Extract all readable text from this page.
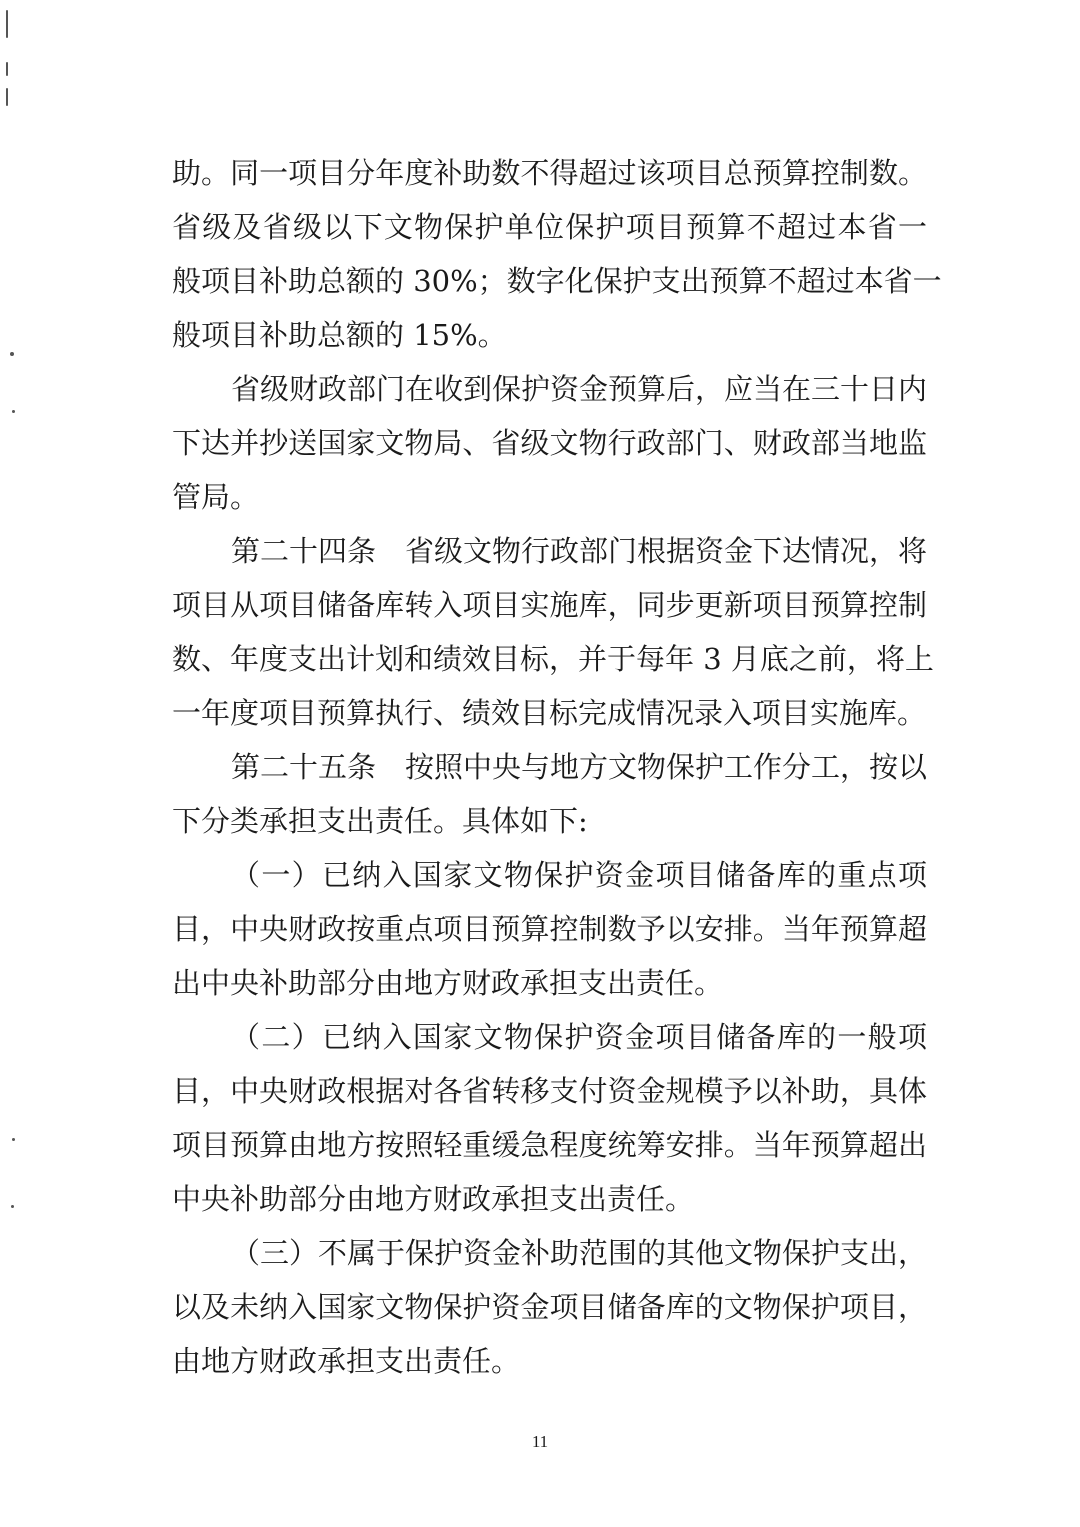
助。同一项目分年度补助数不得超过该项目总预算控制数。
省级及省级以下文物保护单位保护项目预算不超过本省一
般项目补助总额的 30%；数字化保护支出预算不超过本省一
般项目补助总额的 15%。
省级财政部门在收到保护资金预算后，应当在三十日内
下达并抄送国家文物局、省级文物行政部门、财政部当地监
管局。
第二十四条　省级文物行政部门根据资金下达情况，将
项目从项目储备库转入项目实施库，同步更新项目预算控制
数、年度支出计划和绩效目标，并于每年 3 月底之前，将上
一年度项目预算执行、绩效目标完成情况录入项目实施库。
第二十五条　按照中央与地方文物保护工作分工，按以
下分类承担支出责任。具体如下:
（一）已纳入国家文物保护资金项目储备库的重点项
目，中央财政按重点项目预算控制数予以安排。当年预算超
出中央补助部分由地方财政承担支出责任。
（二）已纳入国家文物保护资金项目储备库的一般项
目，中央财政根据对各省转移支付资金规模予以补助，具体
项目预算由地方按照轻重缓急程度统筹安排。当年预算超出
中央补助部分由地方财政承担支出责任。
（三）不属于保护资金补助范围的其他文物保护支出，
以及未纳入国家文物保护资金项目储备库的文物保护项目，
由地方财政承担支出责任。
11
